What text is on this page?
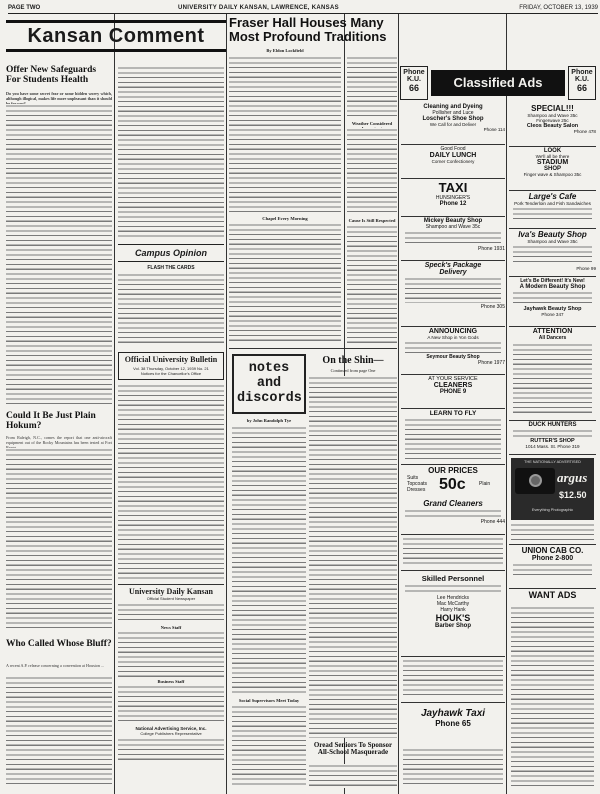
PAGE TWO	UNIVERSITY DAILY KANSAN, LAWRENCE, KANSAS	FRIDAY, OCTOBER 13, 1939
Kansan Comment
Offer New Safeguards For Students Health
Do you have some secret fear or some hidden worry which, although illogical, makes life more unpleasant than it should
Could It Be Just Plain Hokum?
From Raleigh, N.C., comes the report that one anti-aircraft equipment out of the Rocky Mountains has been tested at Fort
Who Called Whose Bluff?
A recent A.P. release concerning a convention at Houston ...
Campus Opinion
FLASH THE CARDS
Official University Bulletin
Vol. 38 Thursday, October 12, 1939 No. 21
Notices for the Chancellor's Office
University Daily Kansan
Official Student Newspaper
News Staff
Business Staff
National Advertising Service, Inc.
College Publishers Representative
Fraser Hall Houses Many Most Profound Traditions
By Eldon Lockfield
Chapel Every Morning
Weather Considered
Cause Is Still Respected
notes and discords
by John Randolph Tye
Social Supervisors Meet Today
On the Shin—
Continued from page One
Oread Seniors To Sponsor All-School Masquerade
Phone
K.U.
66	Classified Ads
Phone
K.U.
66
Cleaning and Dyeing
Pollisher and Luce
Loscher's Shoe Shop
We Call for and Deliver
Phone 114
Good Food
DAILY LUNCH
Corner Confectionery
TAXI
HUNSINGER'S
Phone 12
Mickey Beauty Shop
Shampoo and Wave 35c
Phone 1931
Speck's Package
Delivery
Phone 305
ANNOUNCING
A New Shop in Yon Gods
Seymour Beauty Shop
Phone 1977
AT YOUR SERVICE
CLEANERS
PHONE 9
LEARN TO FLY
OUR PRICES
Suits
Topcoats
Dresses 50c	Plain
Grand Cleaners
Phone 444
Skilled Personnel
Lee Hendricks
Mac McCarthy
Harry Hank
HOUK'S
Barber Shop
Jayhawk Taxi
Phone 65
SPECIAL!!!
Shampoo and Wave 35c
Fingerwave 25c
Cleos Beauty Salon
Phone 478
LOOK
We'll all be there
STADIUM
SHOP
Finger wave & Shampoo 35c
Large's Cafe
Pork Tenderloin and Fish Sandwiches
Iva's Beauty Shop
Shampoo and Wave 35c
Phone 99
Let's Be Different! It's New!
A Modern Beauty Shop
Jayhawk Beauty Shop
Phone 347
ATTENTION
All Dancers
DUCK HUNTERS
RUTTER'S SHOP
1014 Mass. St. Phone 319
THE NATIONALLY ADVERTISED
argus
$12.50
Everything Photographic
UNION CAB CO.
Phone 2-800
WANT ADS
